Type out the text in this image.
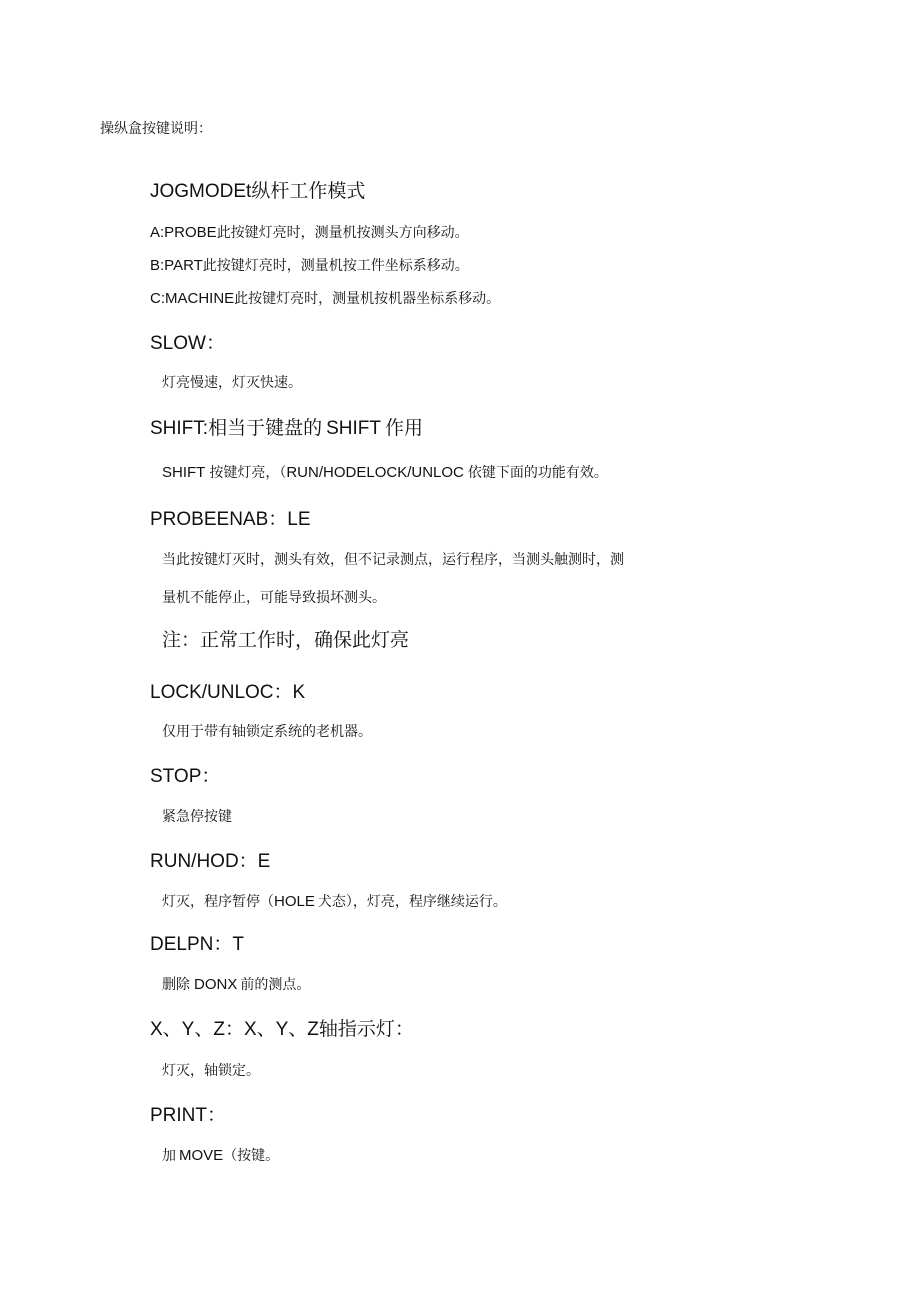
操纵盒按键说明：
JOGMODEt纵杆工作模式
A:PROBE此按键灯亮时，测量机按测头方向移动。
B:PART此按键灯亮时，测量机按工件坐标系移动。
C:MACHINE此按键灯亮时，测量机按机器坐标系移动。
SLOW：
灯亮慢速，灯灭快速。
SHIFT:相当于键盘的 SHIFT 作用
SHIFT 按键灯亮，（RUN/HODELOCK/UNLOC 依键下面的功能有效。
PROBEENAB：LE
当此按键灯灭时，测头有效，但不记录测点，运行程序，当测头触测时，测
量机不能停止，可能导致损坏测头。
注：正常工作时，确保此灯亮
LOCK/UNLOC：K
仅用于带有轴锁定系统的老机器。
STOP：
紧急停按键
RUN/HOD：E
灯灭，程序暂停（HOLE 犬态），灯亮，程序继续运行。
DELPN：T
删除 DONX 前的测点。
X、Y、Z：X、Y、Z轴指示灯：
灯灭，轴锁定。
PRINT：
加 MOVE（按键。
